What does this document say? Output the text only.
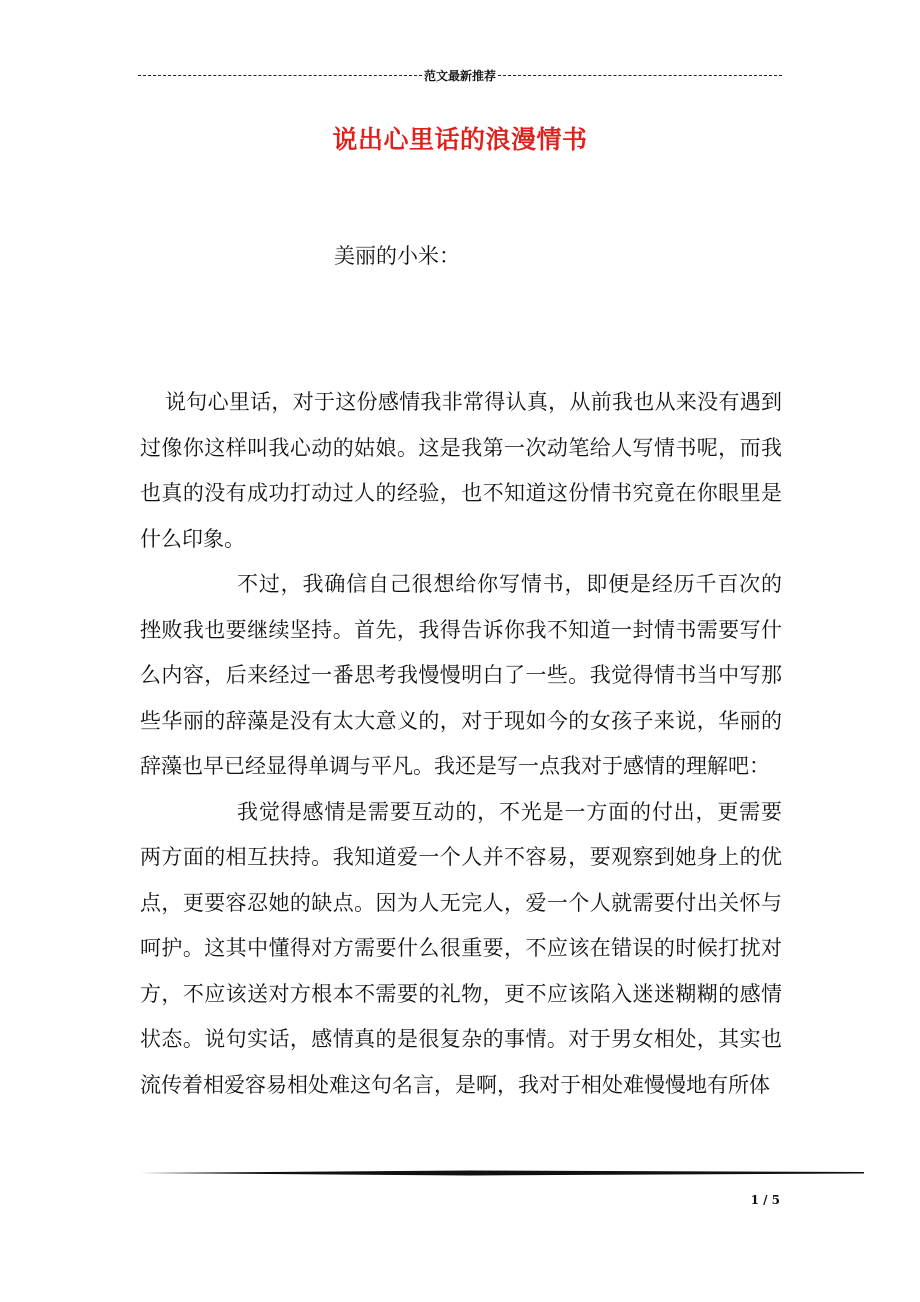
范文最新推荐
说出心里话的浪漫情书
美丽的小米：

说句心里话，对于这份感情我非常得认真，从前我也从来没有遇到过像你这样叫我心动的姑娘。这是我第一次动笔给人写情书呢，而我也真的没有成功打动过人的经验，也不知道这份情书究竟在你眼里是什么印象。

不过，我确信自己很想给你写情书，即便是经历千百次的挫败我也要继续坚持。首先，我得告诉你我不知道一封情书需要写什么内容，后来经过一番思考我慢慢明白了一些。我觉得情书当中写那些华丽的辞藻是没有太大意义的，对于现如今的女孩子来说，华丽的辞藻也早已经显得单调与平凡。我还是写一点我对于感情的理解吧：

我觉得感情是需要互动的，不光是一方面的付出，更需要两方面的相互扶持。我知道爱一个人并不容易，要观察到她身上的优点，更要容忍她的缺点。因为人无完人，爱一个人就需要付出关怀与呵护。这其中懂得对方需要什么很重要，不应该在错误的时候打扰对方，不应该送对方根本不需要的礼物，更不应该陷入迷迷糊糊的感情状态。说句实话，感情真的是很复杂的事情。对于男女相处，其实也流传着相爱容易相处难这句名言，是啊，我对于相处难慢慢地有所体

1 / 5
